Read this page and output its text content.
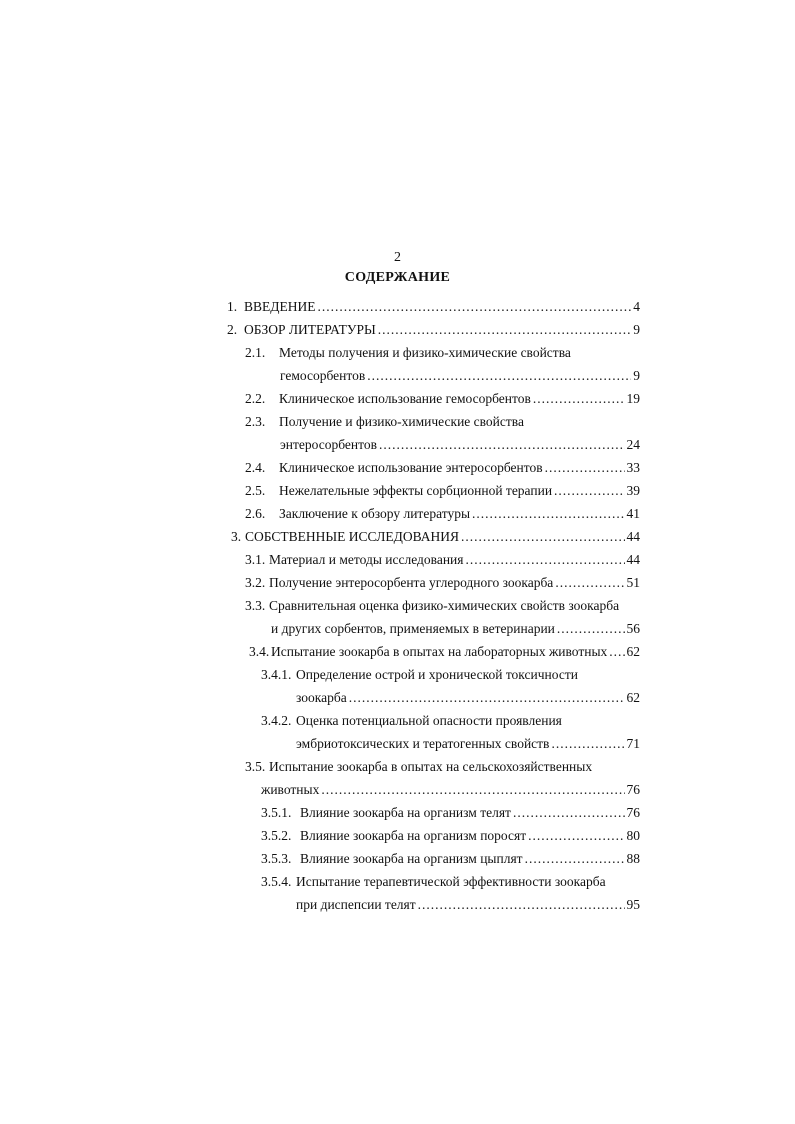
2
СОДЕРЖАНИЕ
1. ВВЕДЕНИЕ .....	4
2. ОБЗОР ЛИТЕРАТУРЫ .....	9
2.1. Методы получения и физико-химические свойства
гемосорбентов .....	9
2.2. Клиническое использование гемосорбентов .....	19
2.3. Получение и физико-химические свойства
энтеросорбентов .....	24
2.4. Клиническое использование энтеросорбентов .....	33
2.5. Нежелательные эффекты сорбционной терапии .....	39
2.6. Заключение к обзору литературы .....	41
3. СОБСТВЕННЫЕ ИССЛЕДОВАНИЯ .....	44
3.1. Материал и методы исследования .....	44
3.2. Получение энтеросорбента углеродного зоокарба .....	51
3.3. Сравнительная оценка физико-химических свойств зоокарба
и других сорбентов, применяемых в ветеринарии .....	56
3.4. Испытание зоокарба в опытах на лабораторных животных ..... 62
3.4.1. Определение острой и хронической токсичности
зоокарба .....	62
3.4.2. Оценка потенциальной опасности проявления
эмбриотоксических и тератогенных свойств .....	71
3.5. Испытание зоокарба в опытах на сельскохозяйственных
животных .....	76
3.5.1. Влияние зоокарба на организм телят .....	76
3.5.2. Влияние зоокарба на организм поросят .....	80
3.5.3. Влияние зоокарба на организм цыплят .....	88
3.5.4. Испытание терапевтической эффективности зоокарба
при диспепсии телят .....	95
